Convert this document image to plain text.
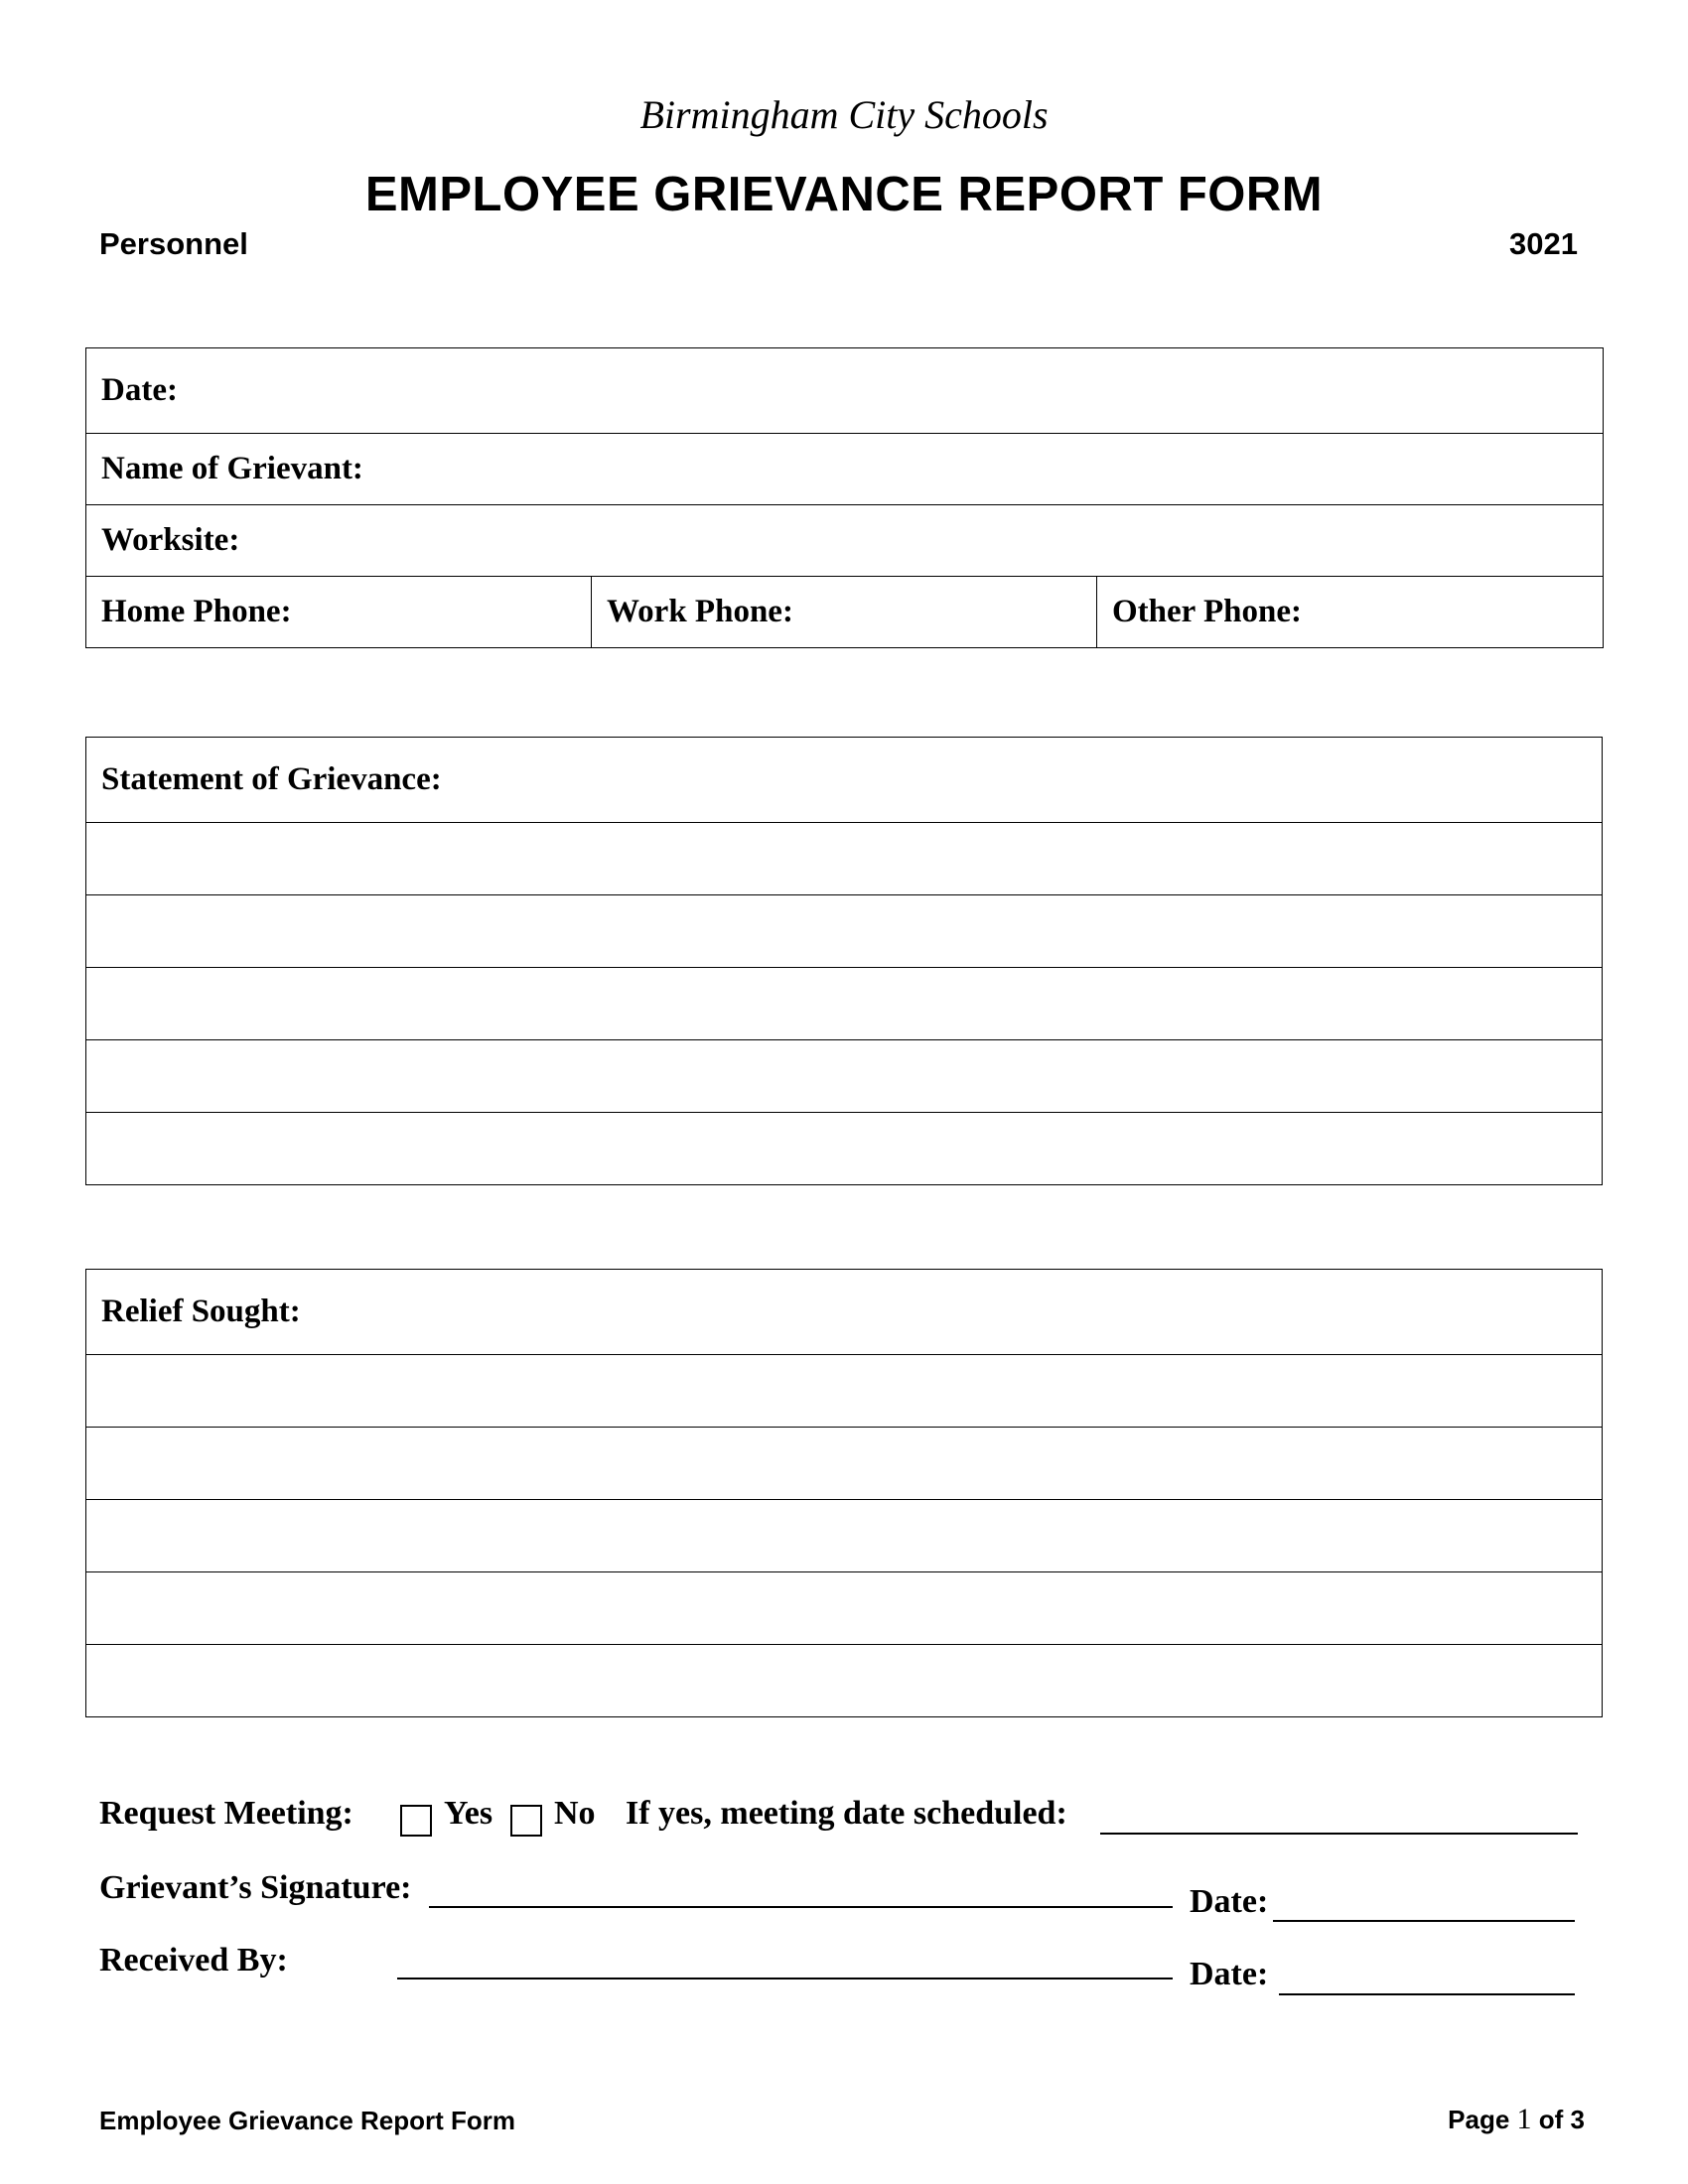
Birmingham City Schools
EMPLOYEE GRIEVANCE REPORT FORM
Personnel	3021
Date:
Name of Grievant:
Worksite:
Home Phone:	Work Phone:	Other Phone:
Statement of Grievance:

Relief Sought:

Request Meeting:	Yes No If yes, meeting date scheduled:
Grievant’s Signature:	Date:
Received By:	Date:
Employee Grievance Report Form	Page 1 of 3
